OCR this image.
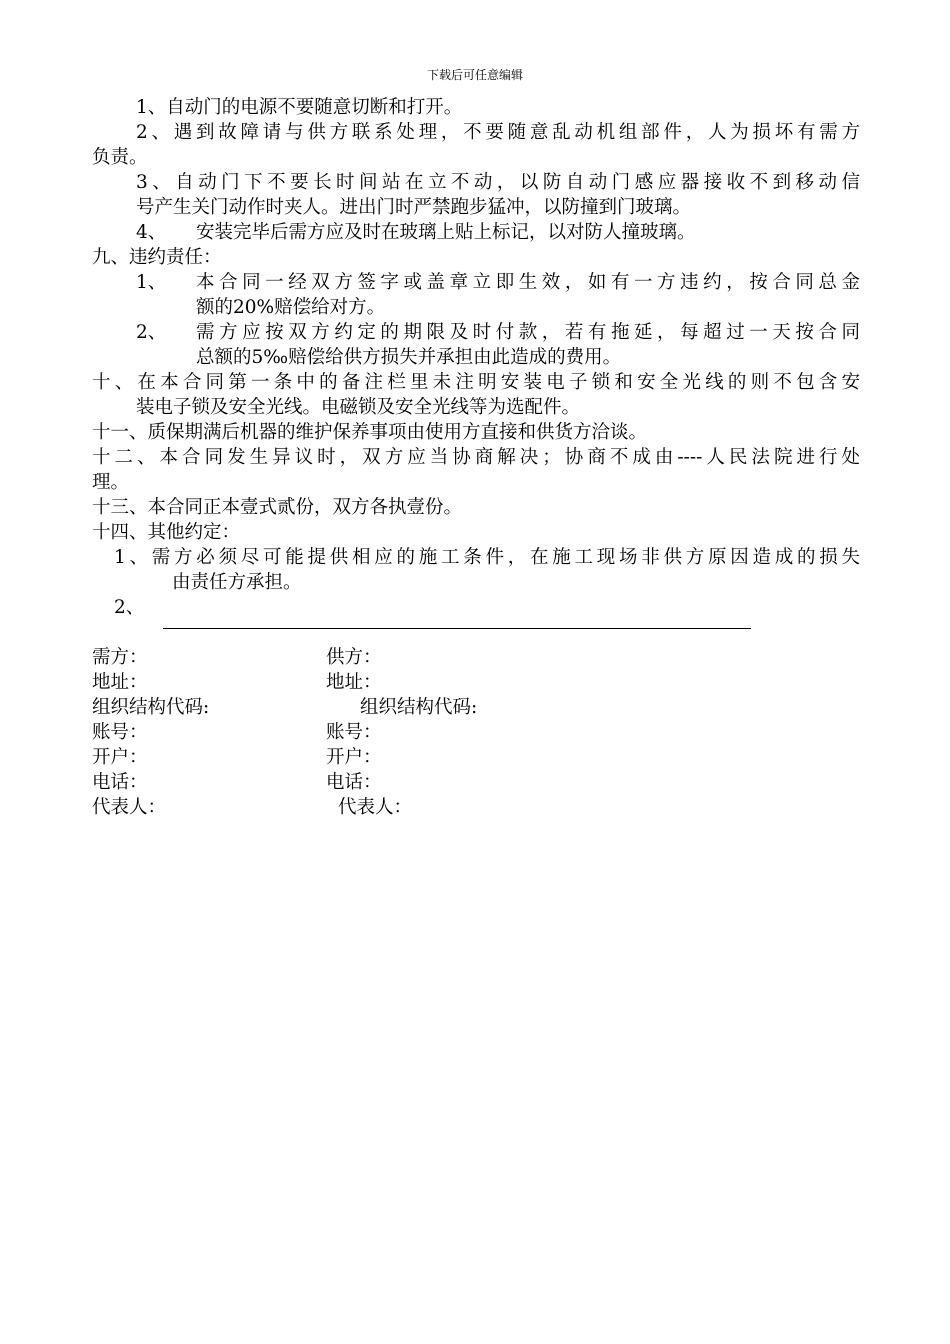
下载后可任意编辑
1、自动门的电源不要随意切断和打开。
2、遇到故障请与供方联系处理，不要随意乱动机组部件，人为损坏有需方
负责。
3、自动门下不要长时间站在立不动，以防自动门感应器接收不到移动信
号产生关门动作时夹人。进出门时严禁跑步猛冲，以防撞到门玻璃。
4、 安装完毕后需方应及时在玻璃上贴上标记，以对防人撞玻璃。
九、违约责任：
1、 本合同一经双方签字或盖章立即生效，如有一方违约，按合同总金
额的20%赔偿给对方。
2、 需方应按双方约定的期限及时付款，若有拖延，每超过一天按合同
总额的5‰赔偿给供方损失并承担由此造成的费用。
十、在本合同第一条中的备注栏里未注明安装电子锁和安全光线的则不包含安
装电子锁及安全光线。电磁锁及安全光线等为选配件。
十一、质保期满后机器的维护保养事项由使用方直接和供货方洽谈。
十二、本合同发生异议时，双方应当协商解决；协商不成由----人民法院进行处
理。
十三、本合同正本壹式贰份，双方各执壹份。
十四、其他约定：
1、需方必须尽可能提供相应的施工条件，在施工现场非供方原因造成的损失
由责任方承担。
2、
需方：
地址：
组织结构代码:
账号：
开户：
电话：
代表人：
供方：
地址：
组织结构代码:
账号：
开户：
电话：
代表人：
